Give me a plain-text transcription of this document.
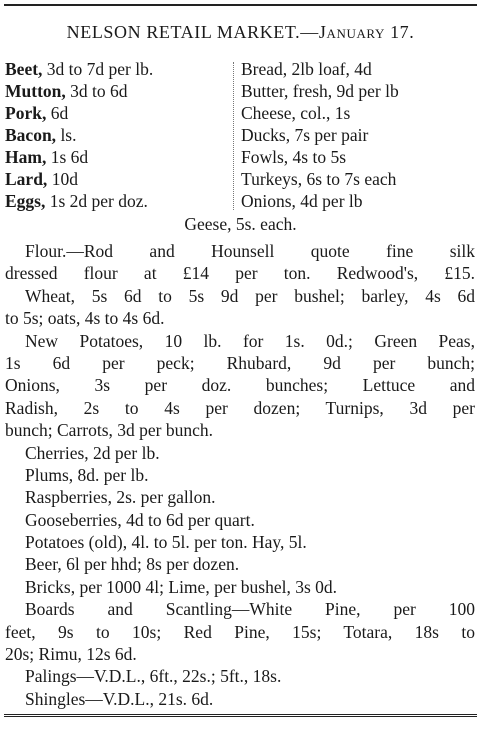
NELSON RETAIL MARKET.—January 17.
Beet, 3d to 7d per lb.
Mutton, 3d to 6d
Pork, 6d
Bacon, ls.
Ham, 1s 6d
Lard, 10d
Eggs, 1s 2d per doz.
Bread, 2lb loaf, 4d
Butter, fresh, 9d per lb
Cheese, col., 1s
Ducks, 7s per pair
Fowls, 4s to 5s
Turkeys, 6s to 7s each
Onions, 4d per lb
Geese, 5s. each.
Flour.—Rod and Hounsell quote fine silk
dressed flour at £14 per ton. Redwood's, £15.
Wheat, 5s 6d to 5s 9d per bushel; barley, 4s 6d
to 5s; oats, 4s to 4s 6d.
New Potatoes, 10 lb. for 1s. 0d.; Green Peas,
1s 6d per peck; Rhubard, 9d per bunch;
Onions, 3s per doz. bunches; Lettuce and
Radish, 2s to 4s per dozen; Turnips, 3d per
bunch; Carrots, 3d per bunch.
Cherries, 2d per lb.
Plums, 8d. per lb.
Raspberries, 2s. per gallon.
Gooseberries, 4d to 6d per quart.
Potatoes (old), 4l. to 5l. per ton. Hay, 5l.
Beer, 6l per hhd; 8s per dozen.
Bricks, per 1000 4l; Lime, per bushel, 3s 0d.
Boards and Scantling—White Pine, per 100
feet, 9s to 10s; Red Pine, 15s; Totara, 18s to
20s; Rimu, 12s 6d.
Palings—V.D.L., 6ft., 22s.; 5ft., 18s.
Shingles—V.D.L., 21s. 6d.
